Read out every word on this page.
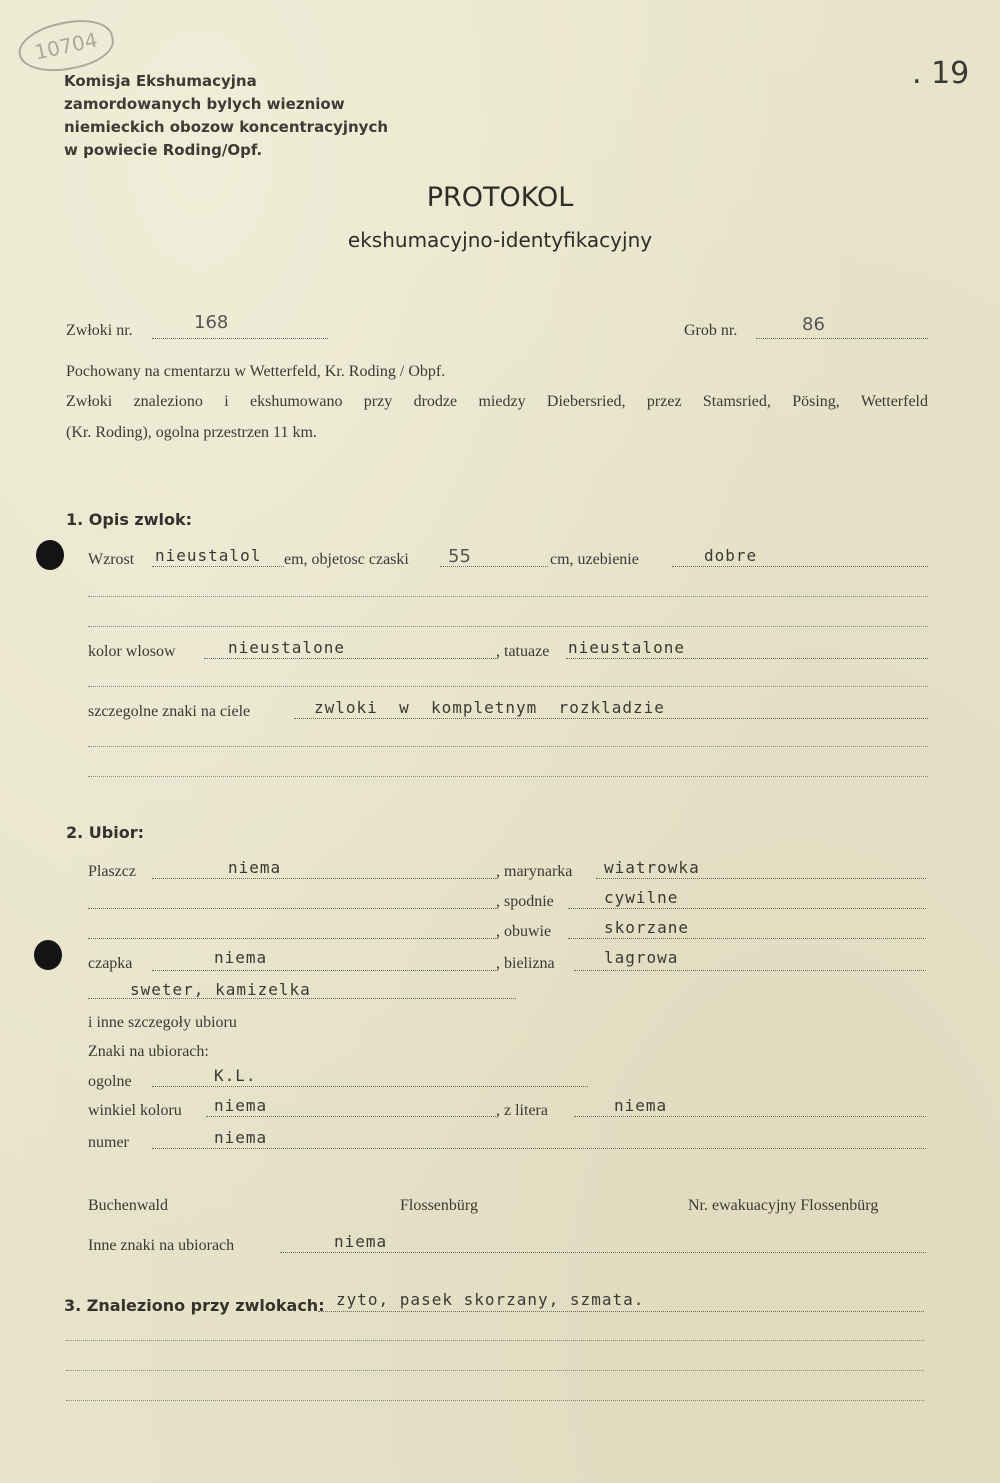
10704
. 19
Komisja Ekshumacyjna
zamordowanych bylych wiezniow
niemieckich obozow koncentracyjnych
w powiecie Roding/Opf.
PROTOKOL
ekshumacyjno-identyfikacyjny
Zwłoki nr.	168	Grob nr.	86
Pochowany na cmentarzu w Wetterfeld, Kr. Roding / Obpf.
Zwłoki znaleziono i ekshumowano przy drodze miedzy Diebersried, przez Stamsried, Pösing, Wetterfeld
(Kr. Roding), ogolna przestrzen 11 km.
1. Opis zwlok:
Wzrost nieustalol em, objetosc czaski 55	cm, uzebienie	dobre
kolor wlosow	nieustalone	, tatuaze nieustalone
szczegolne znaki na ciele	zwloki  w  kompletnym  rozkladzie
2. Ubior:
Plaszcz	niema	, marynarka wiatrowka
, spodnie	cywilne
, obuwie	skorzane
czapka	niema	, bielizna	lagrowa
sweter, kamizelka
i inne szczegoły ubioru
Znaki na ubiorach:
ogolne	K.L.
winkiel koloru niema	, z litera	niema
numer	niema
Buchenwald	Flossenbürg	Nr. ewakuacyjny Flossenbürg
Inne znaki na ubiorach	niema
3. Znaleziono przy zwlokach: zyto, pasek skorzany, szmata.
